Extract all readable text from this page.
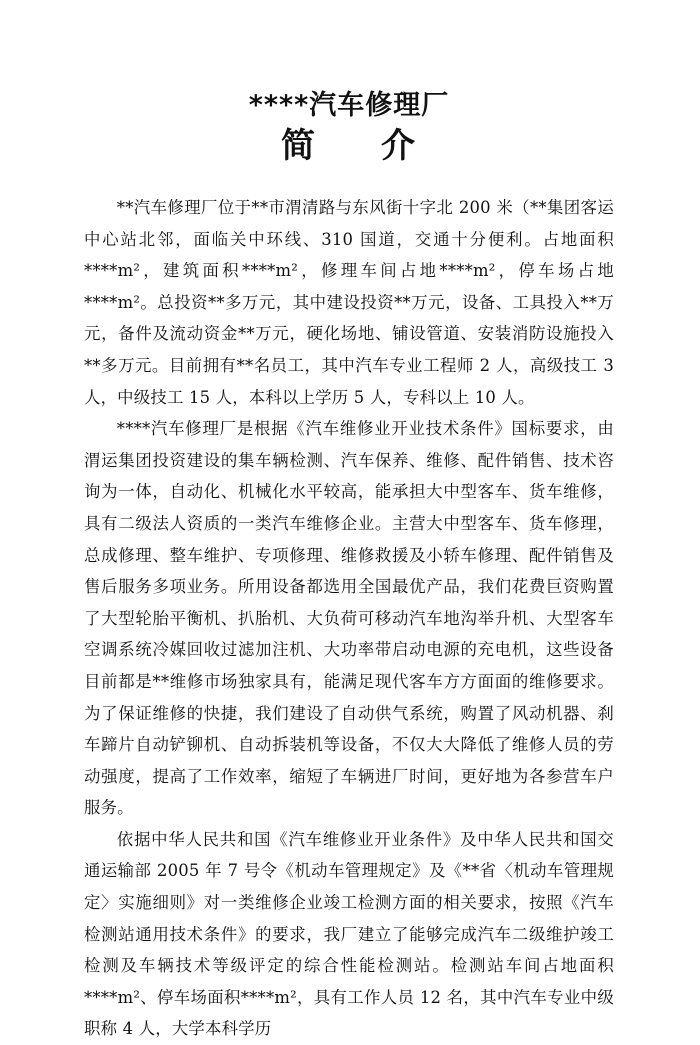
****汽车修理厂
简 介

**汽车修理厂位于**市渭清路与东风街十字北 200 米（**集团客运中心站北邻，面临关中环线、310 国道，交通十分便利。占地面积****m²，建筑面积****m²，修理车间占地****m²，停车场占地****m²。总投资**多万元，其中建设投资**万元，设备、工具投入**万元，备件及流动资金**万元，硬化场地、铺设管道、安装消防设施投入**多万元。目前拥有**名员工，其中汽车专业工程师 2 人，高级技工 3 人，中级技工 15 人，本科以上学历 5 人，专科以上 10 人。

****汽车修理厂是根据《汽车维修业开业技术条件》国标要求，由渭运集团投资建设的集车辆检测、汽车保养、维修、配件销售、技术咨询为一体，自动化、机械化水平较高，能承担大中型客车、货车维修，具有二级法人资质的一类汽车维修企业。主营大中型客车、货车修理，总成修理、整车维护、专项修理、维修救援及小轿车修理、配件销售及售后服务多项业务。所用设备都选用全国最优产品，我们花费巨资购置了大型轮胎平衡机、扒胎机、大负荷可移动汽车地沟举升机、大型客车空调系统冷媒回收过滤加注机、大功率带启动电源的充电机，这些设备目前都是**维修市场独家具有，能满足现代客车方方面面的维修要求。为了保证维修的快捷，我们建设了自动供气系统，购置了风动机器、刹车蹄片自动铲铆机、自动拆装机等设备，不仅大大降低了维修人员的劳动强度，提高了工作效率，缩短了车辆进厂时间，更好地为各参营车户服务。

依据中华人民共和国《汽车维修业开业条件》及中华人民共和国交通运输部 2005 年 7 号令《机动车管理规定》及《**省〈机动车管理规定〉实施细则》对一类维修企业竣工检测方面的相关要求，按照《汽车检测站通用技术条件》的要求，我厂建立了能够完成汽车二级维护竣工检测及车辆技术等级评定的综合性能检测站。检测站车间占地面积****m²、停车场面积****m²，具有工作人员 12 名，其中汽车专业中级职称 4 人，大学本科学历
